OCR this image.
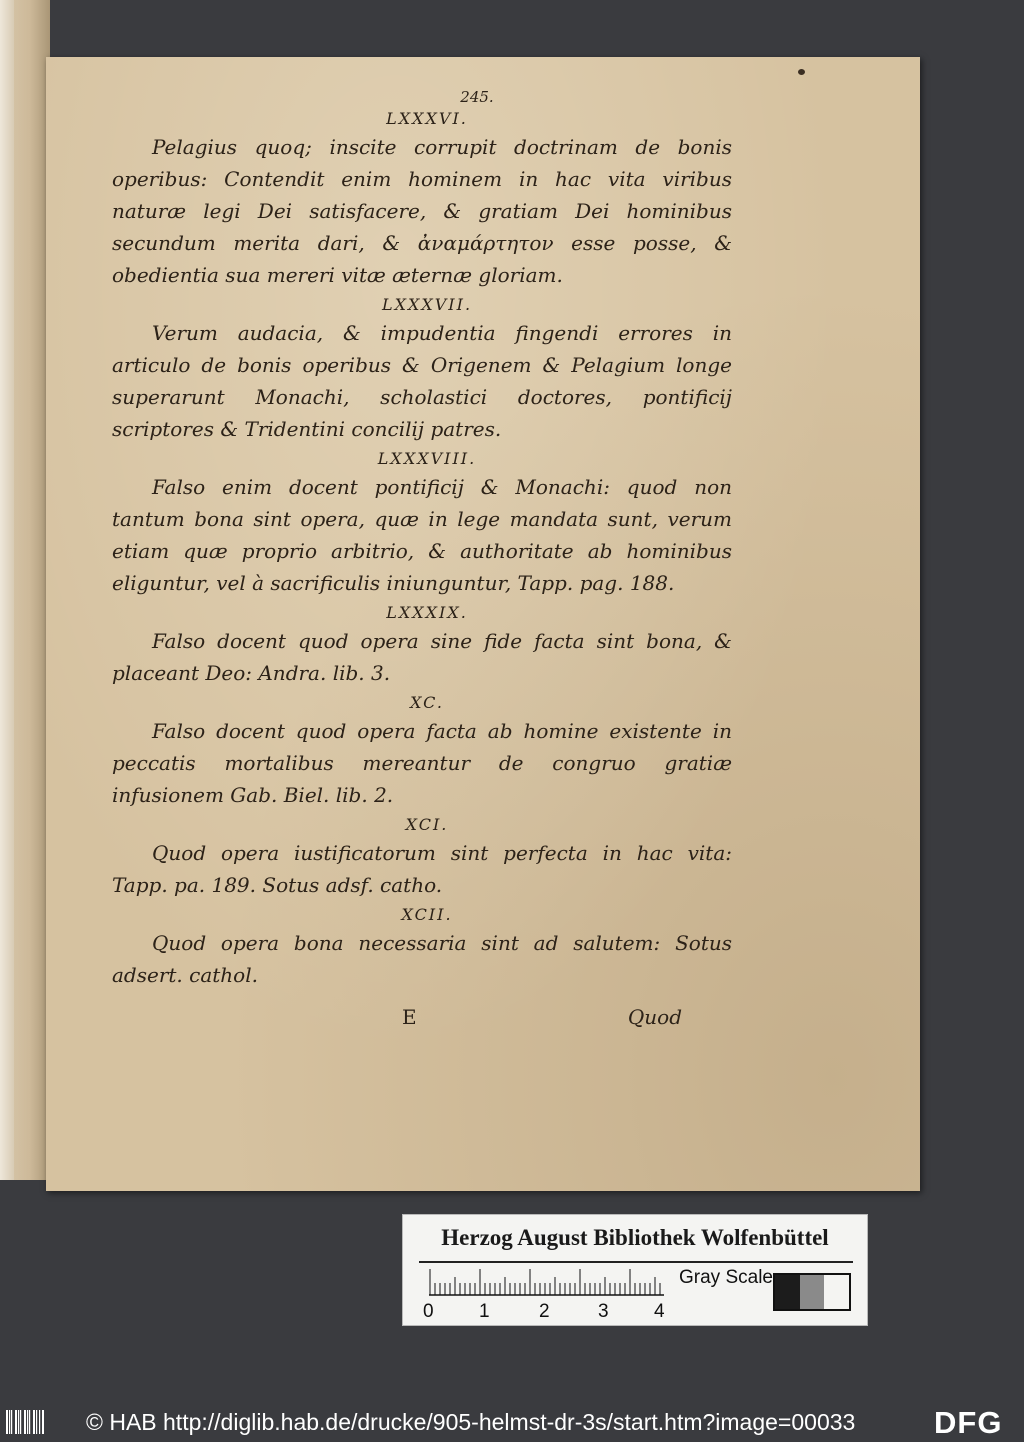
245.
LXXXVI.

Pelagius quoq; inscite corrupit doctrinam de bonis operibus: Contendit enim hominem in hac vita viribus naturæ legi Dei satisfacere, & gratiam Dei hominibus secundum merita dari, & ἀναμάρτητον esse posse, & obedientia sua mereri vitæ æternæ gloriam.

LXXXVII.

Verum audacia, & impudentia fingendi errores in articulo de bonis operibus & Origenem & Pelagium longe superarunt Monachi, scholastici doctores, pontificij scriptores & Tridentini concilij patres.

LXXXVIII.

Falso enim docent pontificij & Monachi: quod non tantum bona sint opera, quæ in lege mandata sunt, verum etiam quæ proprio arbitrio, & authoritate ab hominibus eliguntur, vel à sacrificulis iniunguntur, Tapp. pag. 188.

LXXXIX.

Falso docent quod opera sine fide facta sint bona, & placeant Deo: Andra. lib. 3.

XC.

Falso docent quod opera facta ab homine existente in peccatis mortalibus mereantur de congruo gratiæ infusionem Gab. Biel. lib. 2.

XCI.

Quod opera iustificatorum sint perfecta in hac vita: Tapp. pa. 189. Sotus adsf. catho.

XCII.

Quod opera bona necessaria sint ad salutem: Sotus adsert. cathol.

E	Quod
Herzog August Bibliothek Wolfenbüttel
0 1	2	3 4
Gray Scale
© HAB http://diglib.hab.de/drucke/905-helmst-dr-3s/start.htm?image=00033	DFG
